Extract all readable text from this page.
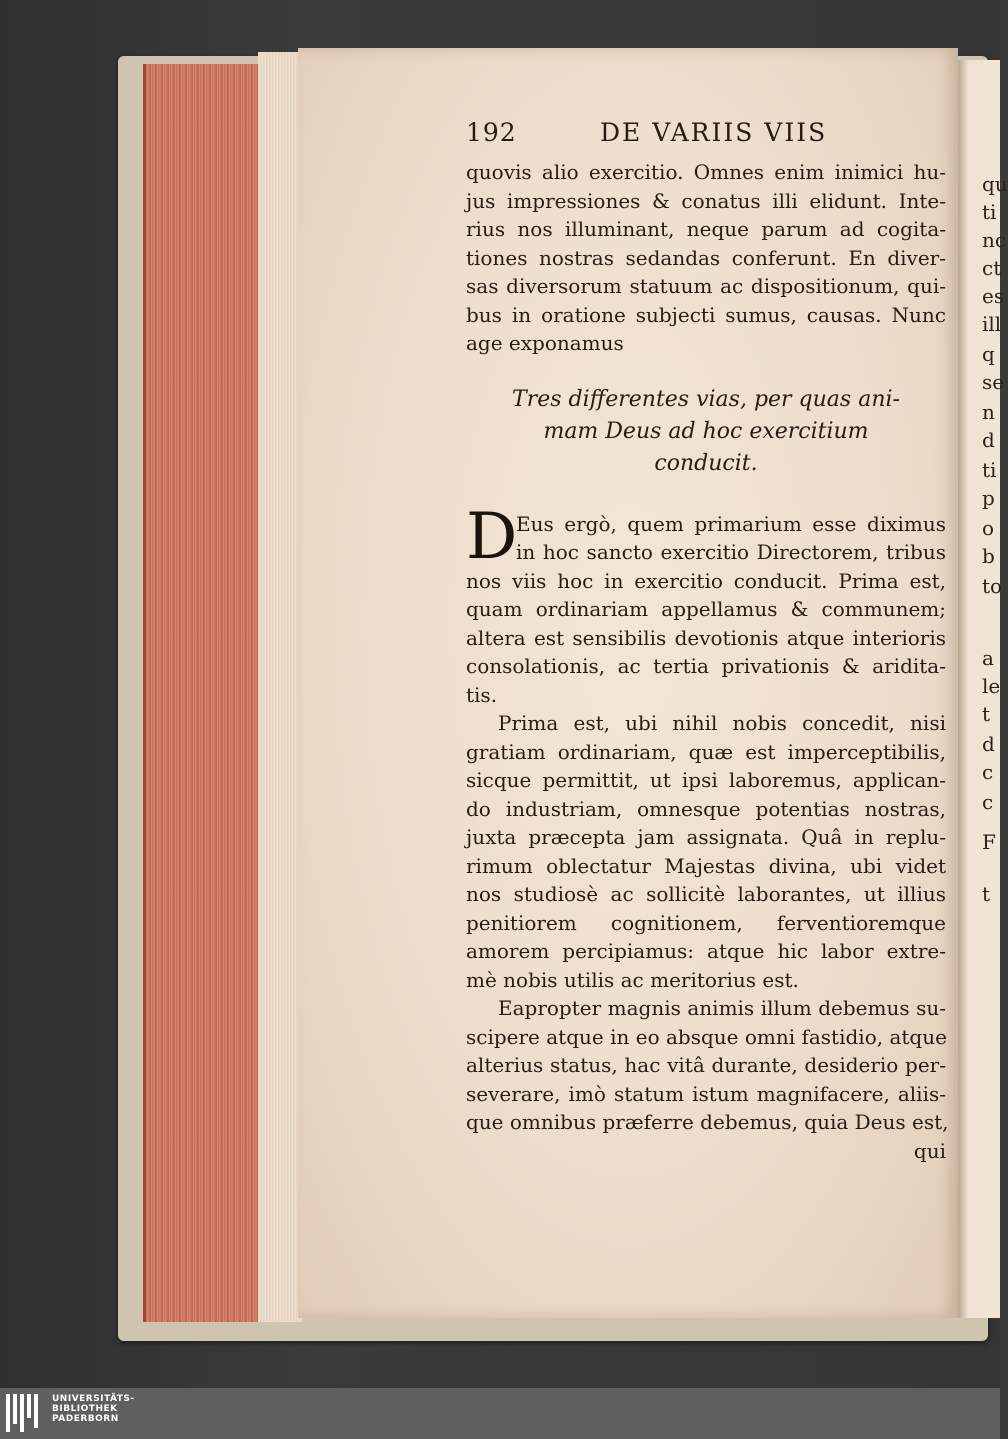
qu
ti
nc
ct
es
ill
q
se
n
d
ti
p
o
b
to
a
le
t
d
c
c
F
t
192	DE VARIIS VIIS
quovis alio exercitio. Omnes enim inimici hu-
jus impressiones & conatus illi elidunt. Inte-
rius nos illuminant, neque parum ad cogita-
tiones nostras sedandas conferunt. En diver-
sas diversorum statuum ac dispositionum, qui-
bus in oratione subjecti sumus, causas. Nunc
age exponamus
Tres differentes vias, per quas ani-
mam Deus ad hoc exercitium
conducit.
D
Eus ergò, quem primarium esse diximus
in hoc sancto exercitio Directorem, tribus
nos viis hoc in exercitio conducit. Prima est,
quam ordinariam appellamus & communem;
altera est sensibilis devotionis atque interioris
consolationis, ac tertia privationis & aridita-
tis.
Prima est, ubi nihil nobis concedit, nisi
gratiam ordinariam, quæ est imperceptibilis,
sicque permittit, ut ipsi laboremus, applican-
do industriam, omnesque potentias nostras,
juxta præcepta jam assignata. Quâ in replu-
rimum oblectatur Majestas divina, ubi videt
nos studiosè ac sollicitè laborantes, ut illius
penitiorem cognitionem, ferventioremque
amorem percipiamus: atque hic labor extre-
mè nobis utilis ac meritorius est.
Eapropter magnis animis illum debemus su-
scipere atque in eo absque omni fastidio, atque
alterius status, hac vitâ durante, desiderio per-
severare, imò statum istum magnifacere, aliis-
que omnibus præferre debemus, quia Deus est,
qui
UNIVERSITÄTS-
BIBLIOTHEK
PADERBORN
